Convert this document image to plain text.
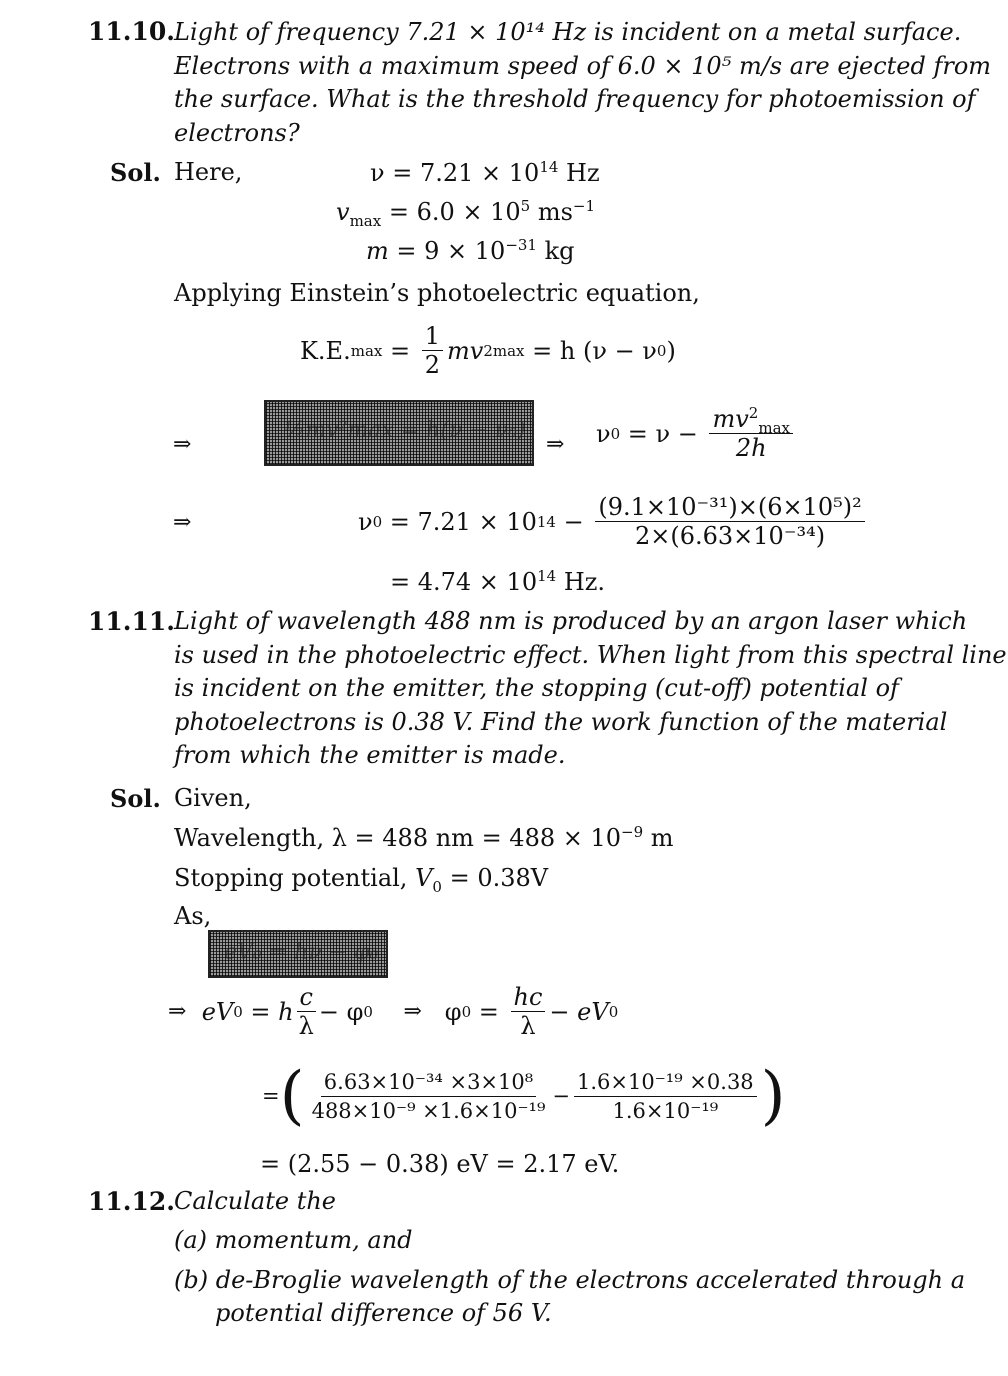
11.10. Light of frequency 7.21 × 10¹⁴ Hz is incident on a metal surface.
Electrons with a maximum speed of 6.0 × 10⁵ m/s are ejected from
the surface. What is the threshold frequency for photoemission of
electrons?
Sol. Here,	$\nu = 7.21 \times 10^{14}$ Hz
$v_{max} = 6.0 \times 10^5$ $ms^{-1}$
$m = 9 \times 10^{-31}$ kg
Applying Einstein’s photoelectric equation,
K.E. $\max = \frac{1}{2}$ mv 2 max = h (ν − ν 0 )
⇒
½mv²max = h(ν − ν₀)
⇒ ν $0 = \nu - \frac{mv^2_{max}}{2h}$
⇒	ν 0 = 7.21 × 10 $14 - \frac{\text{(9.1×10⁻³¹)×(6×10⁵)²}}{\text{2×(6.63×10⁻³⁴)}}$
= $4.74 \times 10^{14}$ Hz.
11.11. Light of wavelength 488 nm is produced by an argon laser which
is used in the photoelectric effect. When light from this spectral line
is incident on the emitter, the stopping (cut-off) potential of
photoelectrons is 0.38 V. Find the work function of the material
from which the emitter is made.
Sol. Given,
Wavelength, λ = 488 nm = $488 \times 10^{-9}$ m
Stopping potential, $V_0 = 0.38V$
As,
eV₀ = hν − φ₀
⇒
eV 0 = h $\frac{c}{\lambda} - \varphi$ 0
⇒
φ $0 = \frac{hc}{\lambda}$ − eV 0
= ( $\frac{\text{6.63×10⁻³⁴ ×3×10⁸}}{\text{488×10⁻⁹ ×1.6×10⁻¹⁹}} - \frac{\text{1.6×10⁻¹⁹ ×0.38}}{\text{1.6×10⁻¹⁹}}$ )
= (2.55 − 0.38) eV = 2.17 eV.
11.12. Calculate the
(a) momentum, and
(b) de-Broglie wavelength of the electrons accelerated through a
potential difference of 56 V.
